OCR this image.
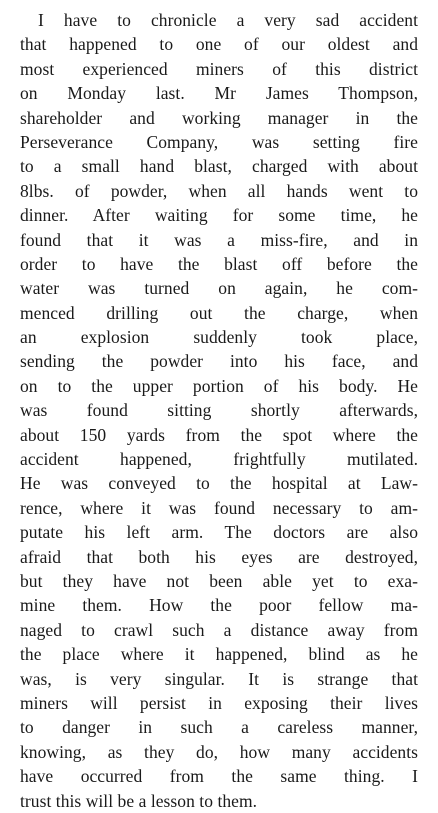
I have to chronicle a very sad accident
that happened to one of our oldest and
most experienced miners of this district
on Monday last. Mr James Thompson,
shareholder and working manager in the
Perseverance Company, was setting fire
to a small hand blast, charged with about
8lbs. of powder, when all hands went to
dinner. After waiting for some time, he
found that it was a miss-fire, and in
order to have the blast off before the
water was turned on again, he com-
menced drilling out the charge, when
an explosion suddenly took place,
sending the powder into his face, and
on to the upper portion of his body. He
was found sitting shortly afterwards,
about 150 yards from the spot where the
accident happened, frightfully mutilated.
He was conveyed to the hospital at Law-
rence, where it was found necessary to am-
putate his left arm. The doctors are also
afraid that both his eyes are destroyed,
but they have not been able yet to exa-
mine them. How the poor fellow ma-
naged to crawl such a distance away from
the place where it happened, blind as he
was, is very singular. It is strange that
miners will persist in exposing their lives
to danger in such a careless manner,
knowing, as they do, how many accidents
have occurred from the same thing. I
trust this will be a lesson to them.
